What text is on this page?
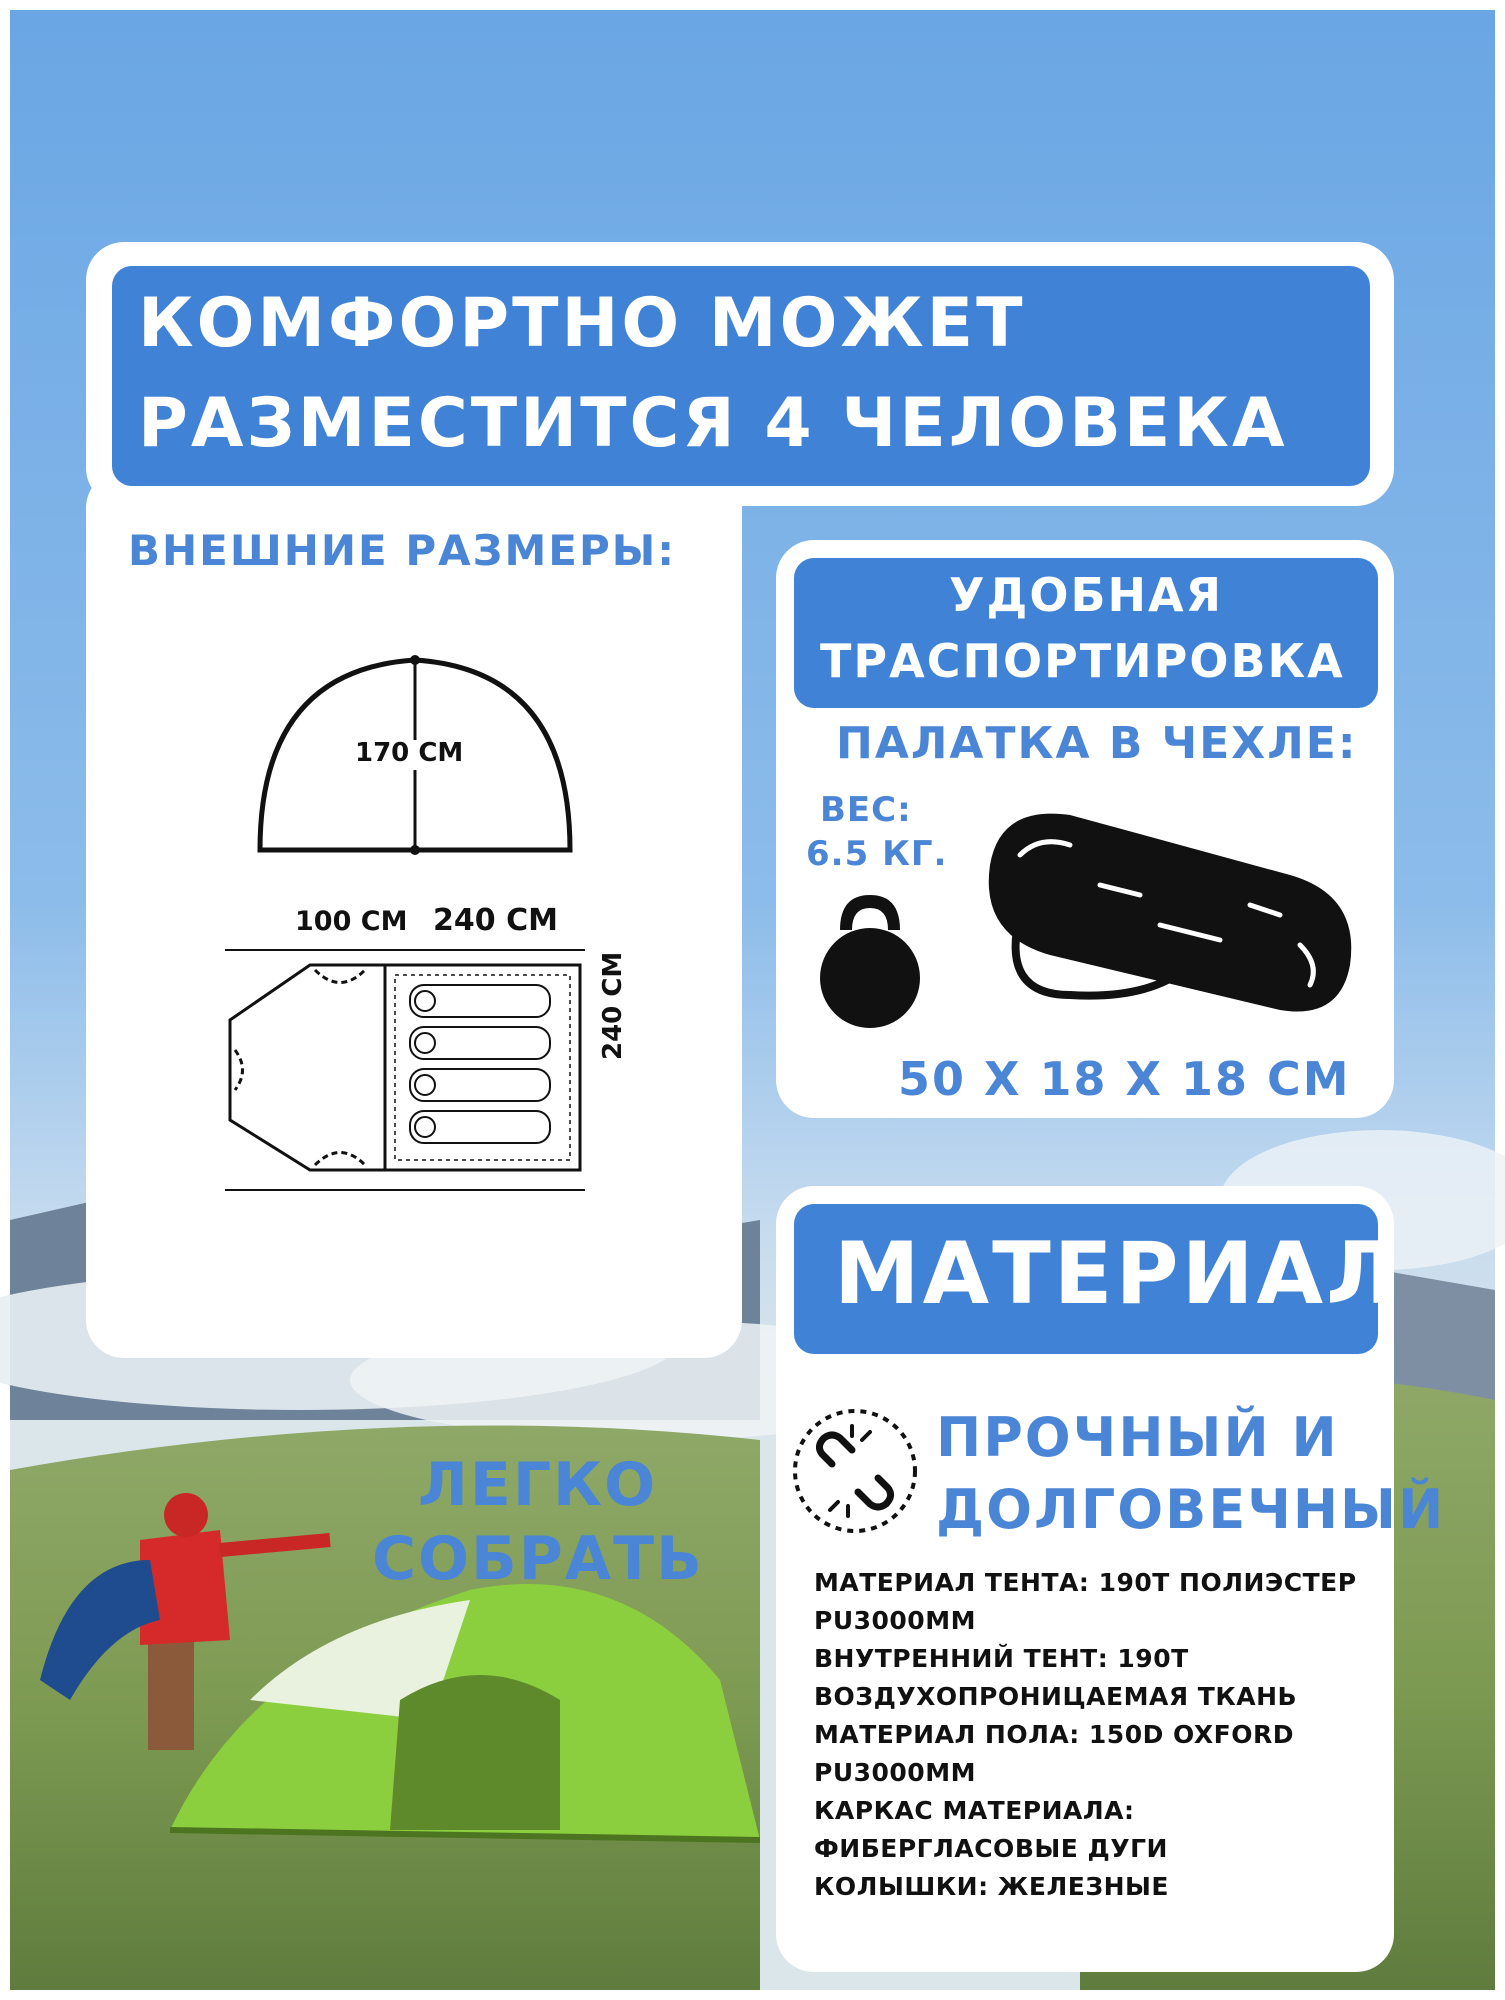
КОМФОРТНО МОЖЕТ
РАЗМЕСТИТСЯ 4 ЧЕЛОВЕКА
ВНЕШНИЕ РАЗМЕРЫ:
170 CM
100 CM 240 CM
240 CM
УДОБНАЯ
ТРАСПОРТИРОВКА
ПАЛАТКА В ЧЕХЛЕ:
ВЕС:
6.5 КГ.
50 Х 18 Х 18 СМ
МАТЕРИАЛ
ПРОЧНЫЙ И
ДОЛГОВЕЧНЫЙ
МАТЕРИАЛ ТЕНТА: 190Т ПОЛИЭСТЕР
PU3000MM
ВНУТРЕННИЙ ТЕНТ: 190T
ВОЗДУХОПРОНИЦАЕМАЯ ТКАНЬ
МАТЕРИАЛ ПОЛА: 150D OXFORD
PU3000MM
КАРКАС МАТЕРИАЛА:
ФИБЕРГЛАСОВЫЕ ДУГИ
КОЛЫШКИ: ЖЕЛЕЗНЫЕ
ЛЕГКО
СОБРАТЬ
